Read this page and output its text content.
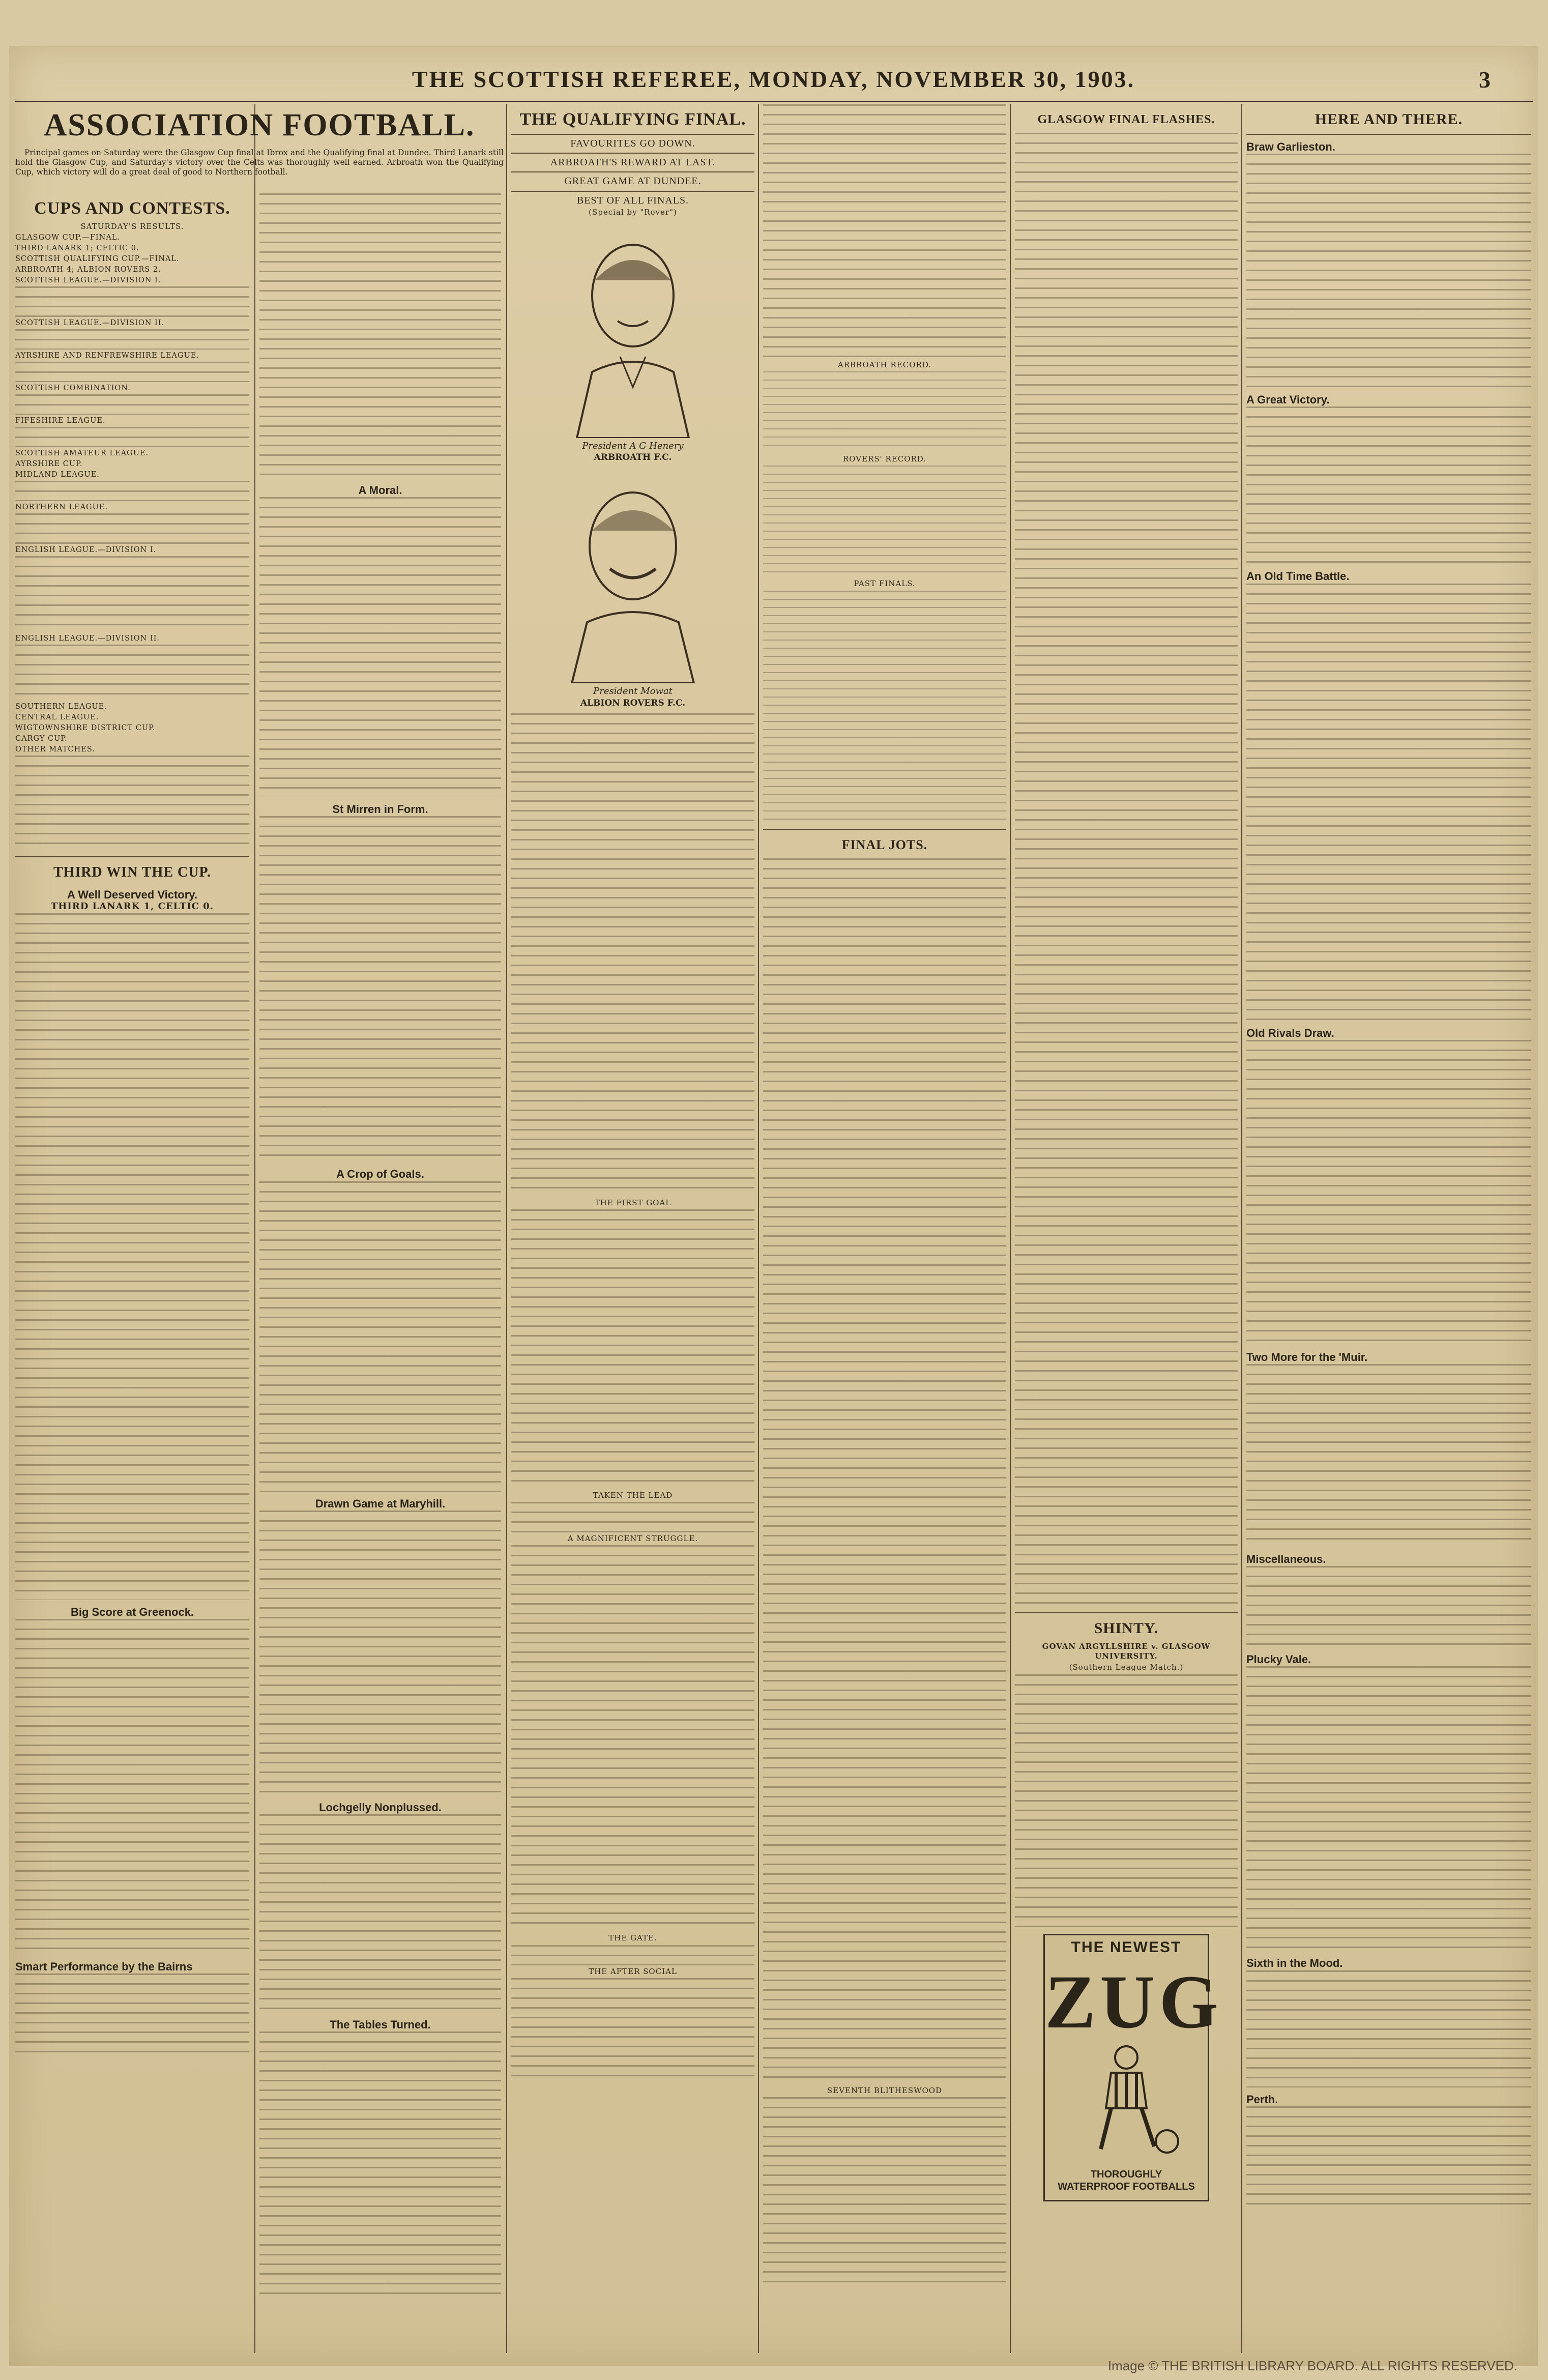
THE SCOTTISH REFEREE, MONDAY, NOVEMBER 30, 1903.	3
ASSOCIATION FOOTBALL.

Principal games on Saturday were the Glasgow Cup final at Ibrox and the Qualifying final at Dundee. Third Lanark still hold the Glasgow Cup, and Saturday's victory over the Celts was thoroughly well earned. Arbroath won the Qualifying Cup, which victory will do a great deal of good to Northern football.

CUPS AND CONTESTS.
SATURDAY'S RESULTS.
GLASGOW CUP.—FINAL.
THIRD LANARK 1; CELTIC 0.
SCOTTISH QUALIFYING CUP.—FINAL.
ARBROATH 4; ALBION ROVERS 2.
SCOTTISH LEAGUE.—DIVISION I.
SCOTTISH LEAGUE.—DIVISION II.
AYRSHIRE AND RENFREWSHIRE LEAGUE.
SCOTTISH COMBINATION.
FIFESHIRE LEAGUE.
SCOTTISH AMATEUR LEAGUE.
AYRSHIRE CUP.
MIDLAND LEAGUE.
NORTHERN LEAGUE.
ENGLISH LEAGUE.—DIVISION I.
ENGLISH LEAGUE.—DIVISION II.
SOUTHERN LEAGUE.
CENTRAL LEAGUE.
WIGTOWNSHIRE DISTRICT CUP.
CARGY CUP.
OTHER MATCHES.
THIRD WIN THE CUP.
A Well Deserved Victory.
THIRD LANARK 1, CELTIC 0.
Big Score at Greenock.
Smart Performance by the Bairns
A Moral.
St Mirren in Form.
A Crop of Goals.
Drawn Game at Maryhill.
Lochgelly Nonplussed.
The Tables Turned.
THE QUALIFYING FINAL.
FAVOURITES GO DOWN.
ARBROATH'S REWARD AT LAST.
GREAT GAME AT DUNDEE.
BEST OF ALL FINALS.
(Special by "Rover")
President A G Henery
ARBROATH F.C.
President Mowat
ALBION ROVERS F.C.
THE FIRST GOAL
TAKEN THE LEAD
A MAGNIFICENT STRUGGLE.
THE GATE.
THE AFTER SOCIAL
ARBROATH RECORD.
ROVERS' RECORD.
PAST FINALS.
FINAL JOTS.
SEVENTH BLITHESWOOD
GLASGOW FINAL FLASHES.
SHINTY.
GOVAN ARGYLLSHIRE v. GLASGOW UNIVERSITY.
(Southern League Match.)
THE NEWEST
ZUG
THOROUGHLY WATERPROOF FOOTBALLS
HERE AND THERE.
Braw Garlieston.
A Great Victory.
An Old Time Battle.
Old Rivals Draw.
Two More for the 'Muir.
Miscellaneous.
Plucky Vale.
Sixth in the Mood.
Perth.
Image © THE BRITISH LIBRARY BOARD. ALL RIGHTS RESERVED.
